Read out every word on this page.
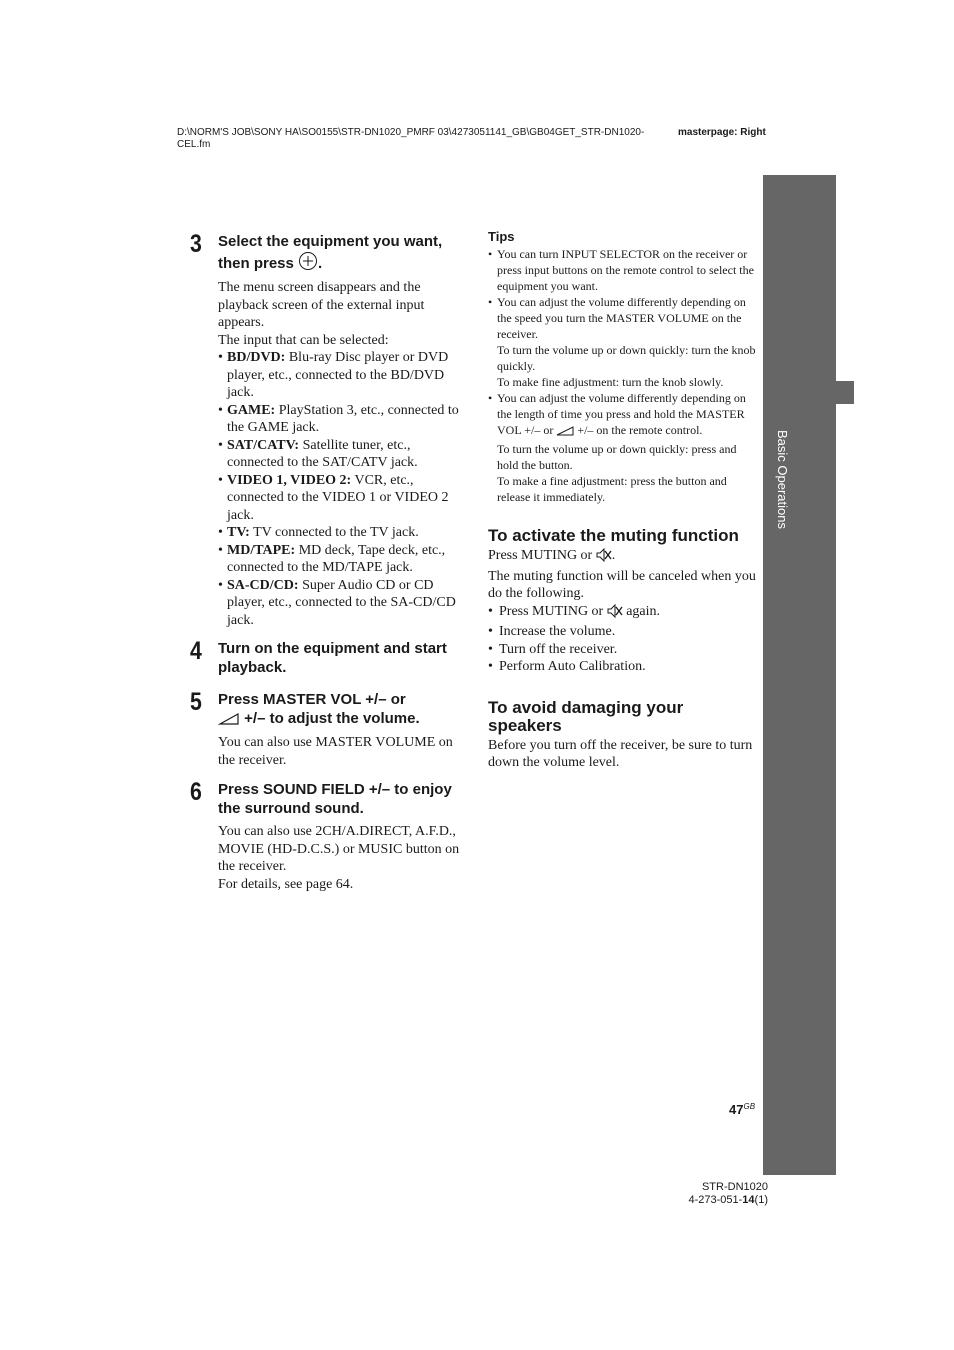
D:\NORM'S JOB\SONY HA\SO0155\STR-DN1020_PMRF 03\4273051141_GB\GB04GET_STR-DN1020-CEL.fm
masterpage: Right
Basic Operations
3 Select the equipment you want, then press .
The menu screen disappears and the playback screen of the external input appears.
The input that can be selected:
• BD/DVD: Blu-ray Disc player or DVD player, etc., connected to the BD/DVD jack.
• GAME: PlayStation 3, etc., connected to the GAME jack.
• SAT/CATV: Satellite tuner, etc., connected to the SAT/CATV jack.
• VIDEO 1, VIDEO 2: VCR, etc., connected to the VIDEO 1 or VIDEO 2 jack.
• TV: TV connected to the TV jack.
• MD/TAPE: MD deck, Tape deck, etc., connected to the MD/TAPE jack.
• SA-CD/CD: Super Audio CD or CD player, etc., connected to the SA-CD/CD jack.
4 Turn on the equipment and start playback.
5 Press MASTER VOL +/– or
+/– to adjust the volume.
You can also use MASTER VOLUME on the receiver.
6 Press SOUND FIELD +/– to enjoy the surround sound.
You can also use 2CH/A.DIRECT, A.F.D., MOVIE (HD-D.C.S.) or MUSIC button on the receiver.
For details, see page 64.
Tips
• You can turn INPUT SELECTOR on the receiver or press input buttons on the remote control to select the equipment you want.
• You can adjust the volume differently depending on the speed you turn the MASTER VOLUME on the receiver.
To turn the volume up or down quickly: turn the knob quickly.
To make fine adjustment: turn the knob slowly.
• You can adjust the volume differently depending on the length of time you press and hold the MASTER VOL +/– or +/– on the remote control.
To turn the volume up or down quickly: press and hold the button.
To make a fine adjustment: press the button and release it immediately.
To activate the muting function
Press MUTING or .
The muting function will be canceled when you do the following.
• Press MUTING or again.
• Increase the volume.
• Turn off the receiver.
• Perform Auto Calibration.
To avoid damaging your speakers
Before you turn off the receiver, be sure to turn down the volume level.
$47^{GB}$
STR-DN1020
4-273-051-14(1)
